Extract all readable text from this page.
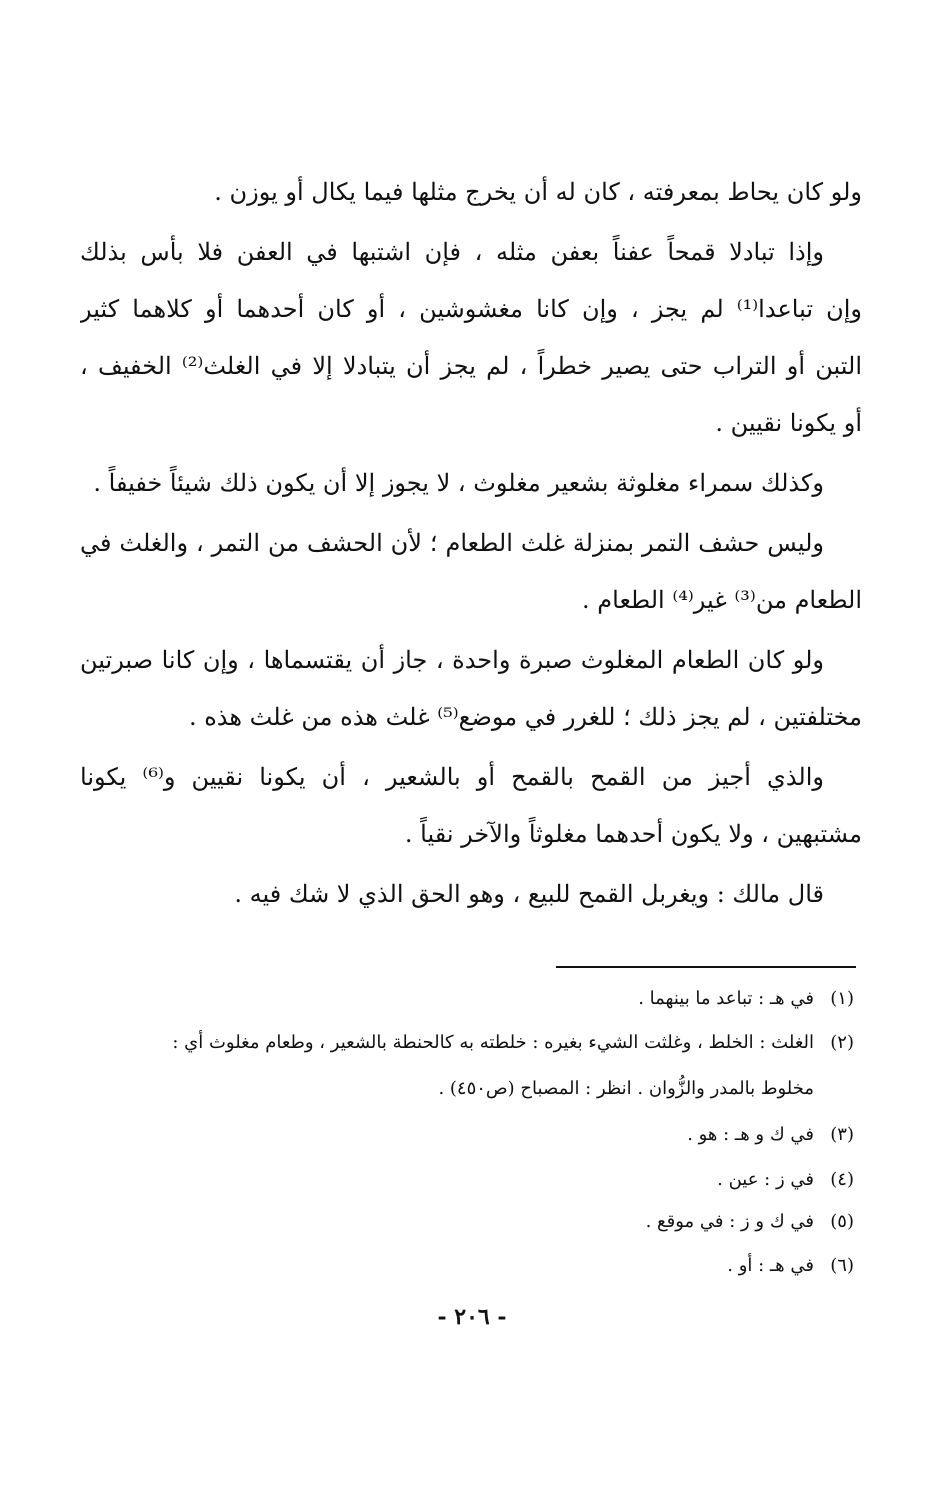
ولو كان يحاط بمعرفته ، كان له أن يخرج مثلها فيما يكال أو يوزن .
وإذا تبادلا قمحاً عفناً بعفن مثله ، فإن اشتبها في العفن فلا بأس بذلك
وإن تباعدا⁽¹⁾ لم يجز ، وإن كانا مغشوشين ، أو كان أحدهما أو كلاهما كثير
التبن أو التراب حتى يصير خطراً ، لم يجز أن يتبادلا إلا في الغلث⁽²⁾ الخفيف ،
أو يكونا نقيين .
وكذلك سمراء مغلوثة بشعير مغلوث ، لا يجوز إلا أن يكون ذلك شيئاً خفيفاً .
وليس حشف التمر بمنزلة غلث الطعام ؛ لأن الحشف من التمر ، والغلث في
الطعام من⁽³⁾ غير⁽⁴⁾ الطعام .
ولو كان الطعام المغلوث صبرة واحدة ، جاز أن يقتسماها ، وإن كانا صبرتين
مختلفتين ، لم يجز ذلك ؛ للغرر في موضع⁽⁵⁾ غلث هذه من غلث هذه .
والذي أجيز من القمح بالقمح أو بالشعير ، أن يكونا نقيين و⁽⁶⁾ يكونا
مشتبهين ، ولا يكون أحدهما مغلوثاً والآخر نقياً .
قال مالك : ويغربل القمح للبيع ، وهو الحق الذي لا شك فيه .
(١)في هـ : تباعد ما بينهما .
(٢)الغلث : الخلط ، وغلثت الشيء بغيره : خلطته به كالحنطة بالشعير ، وطعام مغلوث أي :
مخلوط بالمدر والزُّوان . انظر : المصباح (ص٤٥٠) .
(٣)في ك و هـ : هو .
(٤)في ز : عين .
(٥)في ك و ز : في موقع .
(٦)في هـ : أو .
- ٢٠٦ -
